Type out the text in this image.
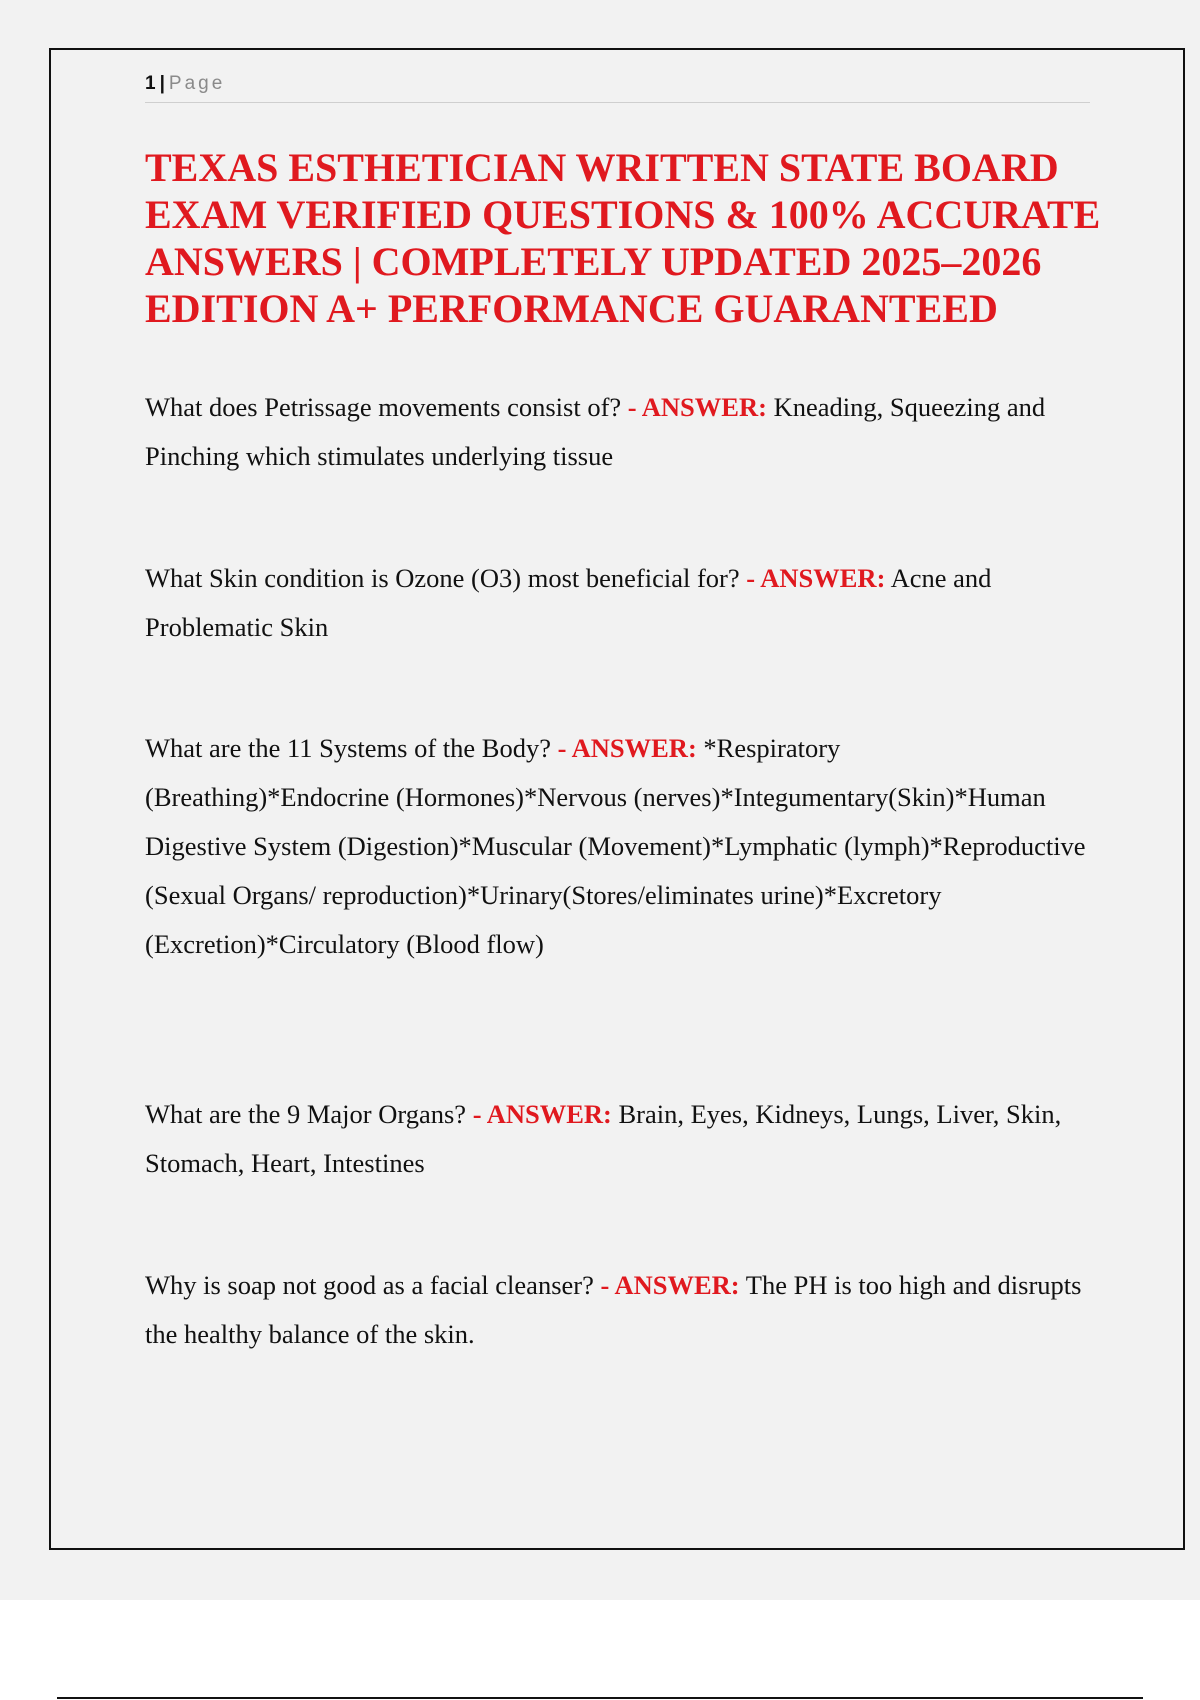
1 | Page
TEXAS ESTHETICIAN WRITTEN STATE BOARD EXAM VERIFIED QUESTIONS & 100% ACCURATE ANSWERS | COMPLETELY UPDATED 2025–2026 EDITION A+ PERFORMANCE GUARANTEED

What does Petrissage movements consist of? - ANSWER: Kneading, Squeezing and Pinching which stimulates underlying tissue

What Skin condition is Ozone (O3) most beneficial for? - ANSWER: Acne and Problematic Skin

What are the 11 Systems of the Body? - ANSWER: *Respiratory (Breathing)*Endocrine (Hormones)*Nervous (nerves)*Integumentary(Skin)*Human Digestive System (Digestion)*Muscular (Movement)*Lymphatic (lymph)*Reproductive (Sexual Organs/ reproduction)*Urinary(Stores/eliminates urine)*Excretory (Excretion)*Circulatory (Blood flow)

What are the 9 Major Organs? - ANSWER: Brain, Eyes, Kidneys, Lungs, Liver, Skin, Stomach, Heart, Intestines

Why is soap not good as a facial cleanser? - ANSWER: The PH is too high and disrupts the healthy balance of the skin.
